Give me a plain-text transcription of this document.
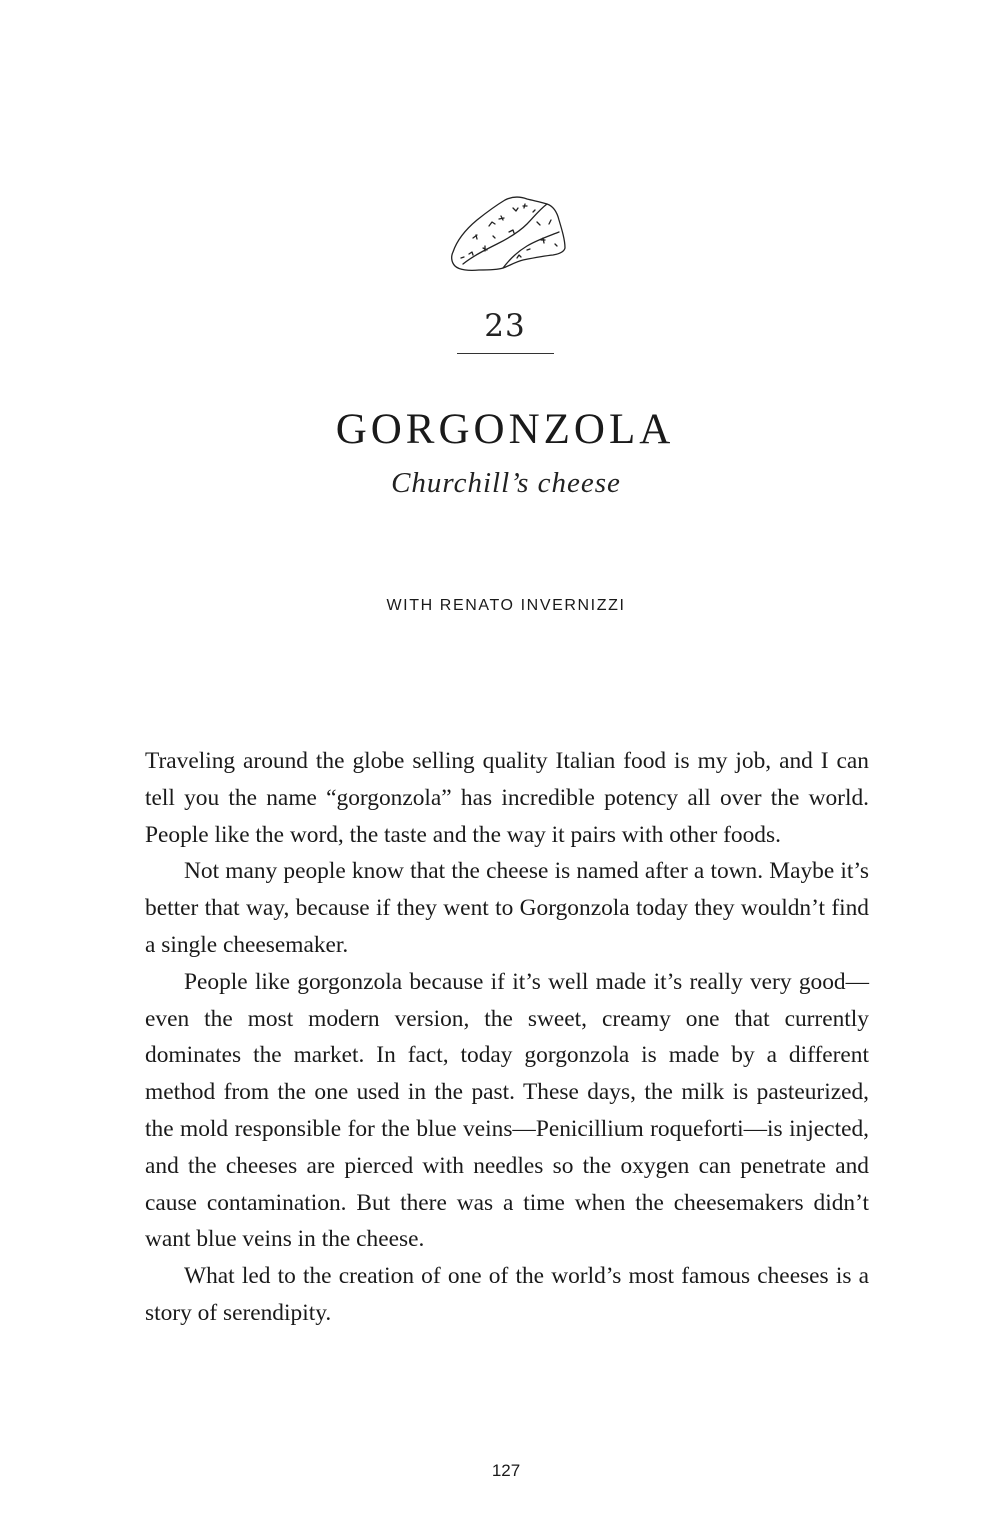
23
GORGONZOLA
Churchill’s cheese
WITH RENATO INVERNIZZI

Traveling around the globe selling quality Italian food is my job, and I can tell you the name “gorgonzola” has incredible potency all over the world. People like the word, the taste and the way it pairs with other foods.

Not many people know that the cheese is named after a town. Maybe it’s better that way, because if they went to Gorgonzola today they wouldn’t find a single cheesemaker.

People like gorgonzola because if it’s well made it’s really very good—even the most modern version, the sweet, creamy one that currently dominates the market. In fact, today gorgonzola is made by a different method from the one used in the past. These days, the milk is pasteurized, the mold responsible for the blue veins—Penicillium roqueforti—is injected, and the cheeses are pierced with needles so the oxygen can penetrate and cause contamination. But there was a time when the cheesemakers didn’t want blue veins in the cheese.

What led to the creation of one of the world’s most famous cheeses is a story of serendipity.

127
